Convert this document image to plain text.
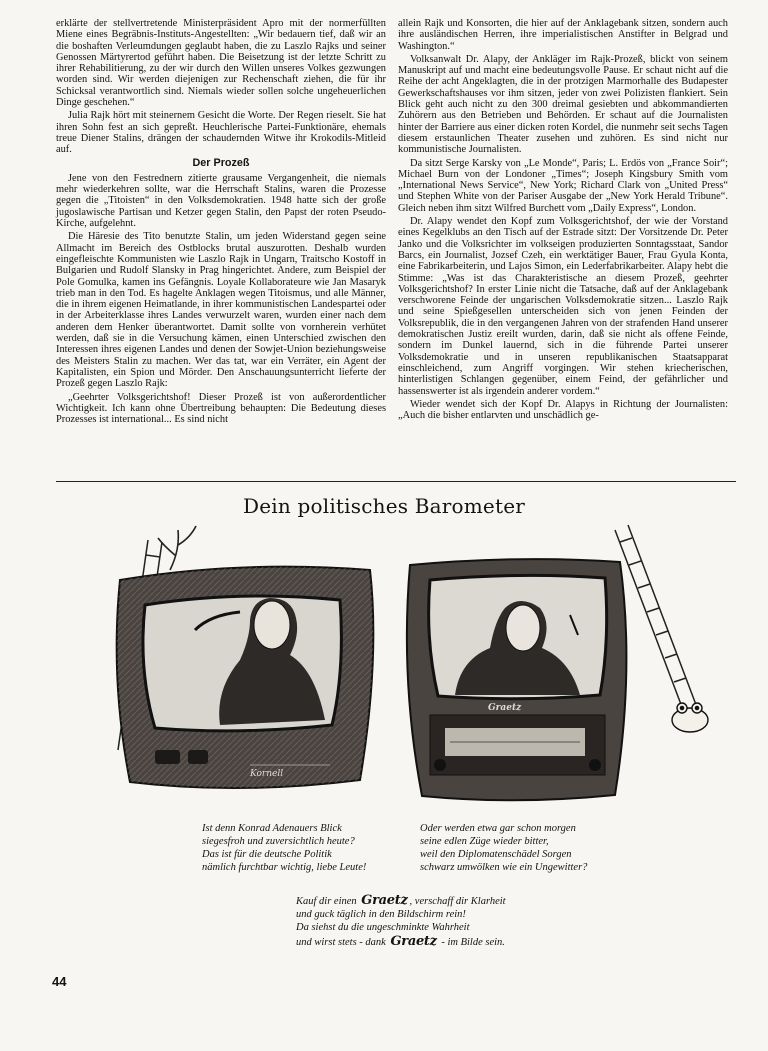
erklärte der stellvertretende Ministerpräsident Apro mit der normerfüllten Miene eines Begräbnis-Instituts-Angestellten: „Wir bedauern tief, daß wir an die boshaften Verleumdungen geglaubt haben, die zu Laszlo Rajks und seiner Genossen Märtyrertod geführt haben. Die Beisetzung ist der letzte Schritt zu ihrer Rehabilitierung, zu der wir durch den Willen unseres Volkes gezwungen worden sind. Wir werden diejenigen zur Rechenschaft ziehen, die für ihr Schicksal verantwortlich sind. Niemals wieder sollen solche ungeheuerlichen Dinge geschehen.“

Julia Rajk hört mit steinernem Gesicht die Worte. Der Regen rieselt. Sie hat ihren Sohn fest an sich gepreßt. Heuchlerische Partei-Funktionäre, ehemals treue Diener Stalins, drängen der schaudernden Witwe ihr Krokodils-Mitleid auf.

Der Prozeß

Jene von den Festrednern zitierte grausame Vergangenheit, die niemals mehr wiederkehren sollte, war die Herrschaft Stalins, waren die Prozesse gegen die „Titoisten“ in den Volksdemokratien. 1948 hatte sich der große jugoslawische Partisan und Ketzer gegen Stalin, den Papst der roten Pseudo-Kirche, aufgelehnt.

Die Häresie des Tito benutzte Stalin, um jeden Widerstand gegen seine Allmacht im Bereich des Ostblocks brutal auszurotten. Deshalb wurden eingefleischte Kommunisten wie Laszlo Rajk in Ungarn, Traitscho Kostoff in Bulgarien und Rudolf Slansky in Prag hingerichtet. Andere, zum Beispiel der Pole Gomulka, kamen ins Gefängnis. Loyale Kollaborateure wie Jan Masaryk trieb man in den Tod. Es hagelte Anklagen wegen Titoismus, und alle Männer, die in ihrem eigenen Heimatlande, in ihrer kommunistischen Landespartei oder in der Arbeiterklasse ihres Landes verwurzelt waren, wurden einer nach dem anderen dem Henker überantwortet. Damit sollte von vornherein verhütet werden, daß sie in die Versuchung kämen, einen Unterschied zwischen den Interessen ihres eigenen Landes und denen der Sowjet-Union beziehungsweise des Meisters Stalin zu machen. Wer das tat, war ein Verräter, ein Agent der Kapitalisten, ein Spion und Mörder. Den Anschauungsunterricht lieferte der Prozeß gegen Laszlo Rajk:

„Geehrter Volksgerichtshof! Dieser Prozeß ist von außerordentlicher Wichtigkeit. Ich kann ohne Übertreibung behaupten: Die Bedeutung dieses Prozesses ist international... Es sind nicht

allein Rajk und Konsorten, die hier auf der Anklagebank sitzen, sondern auch ihre ausländischen Herren, ihre imperialistischen Anstifter in Belgrad und Washington.“

Volksanwalt Dr. Alapy, der Ankläger im Rajk-Prozeß, blickt von seinem Manuskript auf und macht eine bedeutungsvolle Pause. Er schaut nicht auf die Reihe der acht Angeklagten, die in der protzigen Marmorhalle des Budapester Gewerkschaftshauses vor ihm sitzen, jeder von zwei Polizisten flankiert. Sein Blick geht auch nicht zu den 300 dreimal gesiebten und abkommandierten Zuhörern aus den Betrieben und Behörden. Er schaut auf die Journalisten hinter der Barriere aus einer dicken roten Kordel, die nunmehr seit sechs Tagen diesem erstaunlichen Theater zusehen und zuhören. Es sind nicht nur kommunistische Journalisten.

Da sitzt Serge Karsky von „Le Monde“, Paris; L. Erdös von „France Soir“; Michael Burn von der Londoner „Times“; Joseph Kingsbury Smith vom „International News Service“, New York; Richard Clark von „United Press“ und Stephen White von der Pariser Ausgabe der „New York Herald Tribune“. Gleich neben ihm sitzt Wilfred Burchett vom „Daily Express“, London.

Dr. Alapy wendet den Kopf zum Volksgerichtshof, der wie der Vorstand eines Kegelklubs an den Tisch auf der Estrade sitzt: Der Vorsitzende Dr. Peter Janko und die Volksrichter im volkseigen produzierten Sonntagsstaat, Sandor Barcs, ein Journalist, Jozsef Czeh, ein werktätiger Bauer, Frau Gyula Konta, eine Fabrikarbeiterin, und Lajos Simon, ein Lederfabrikarbeiter. Alapy hebt die Stimme: „Was ist das Charakteristische an diesem Prozeß, geehrter Volksgerichtshof? In erster Linie nicht die Tatsache, daß auf der Anklagebank verschworene Feinde der ungarischen Volksdemokratie sitzen... Laszlo Rajk und seine Spießgesellen unterscheiden sich von jenen Feinden der Volksrepublik, die in den vergangenen Jahren von der strafenden Hand unserer demokratischen Justiz ereilt wurden, darin, daß sie nicht als offene Feinde, sondern im Dunkel lauernd, sich in die führende Partei unserer Volksdemokratie und in unseren republikanischen Staatsapparat einschleichend, zum Angriff vorgingen. Wir stehen kriecherischen, hinterlistigen Schlangen gegenüber, einem Feind, der gefährlicher und hassenswerter ist als irgendein anderer vordem.“

Wieder wendet sich der Kopf Dr. Alapys in Richtung der Journalisten: „Auch die bisher entlarvten und unschädlich ge-

Dein politisches Barometer
Kornell
Graetz
Ist denn Konrad Adenauers Blick
siegesfroh und zuversichtlich heute?
Das ist für die deutsche Politik
nämlich furchtbar wichtig, liebe Leute!
Oder werden etwa gar schon morgen
seine edlen Züge wieder bitter,
weil den Diplomatenschädel Sorgen
schwarz umwölken wie ein Ungewitter?
Kauf dir einen Graetz , verschaff dir Klarheit
und guck täglich in den Bildschirm rein!
Da siehst du die ungeschminkte Wahrheit
und wirst stets - dank Graetz - im Bilde sein.
44
